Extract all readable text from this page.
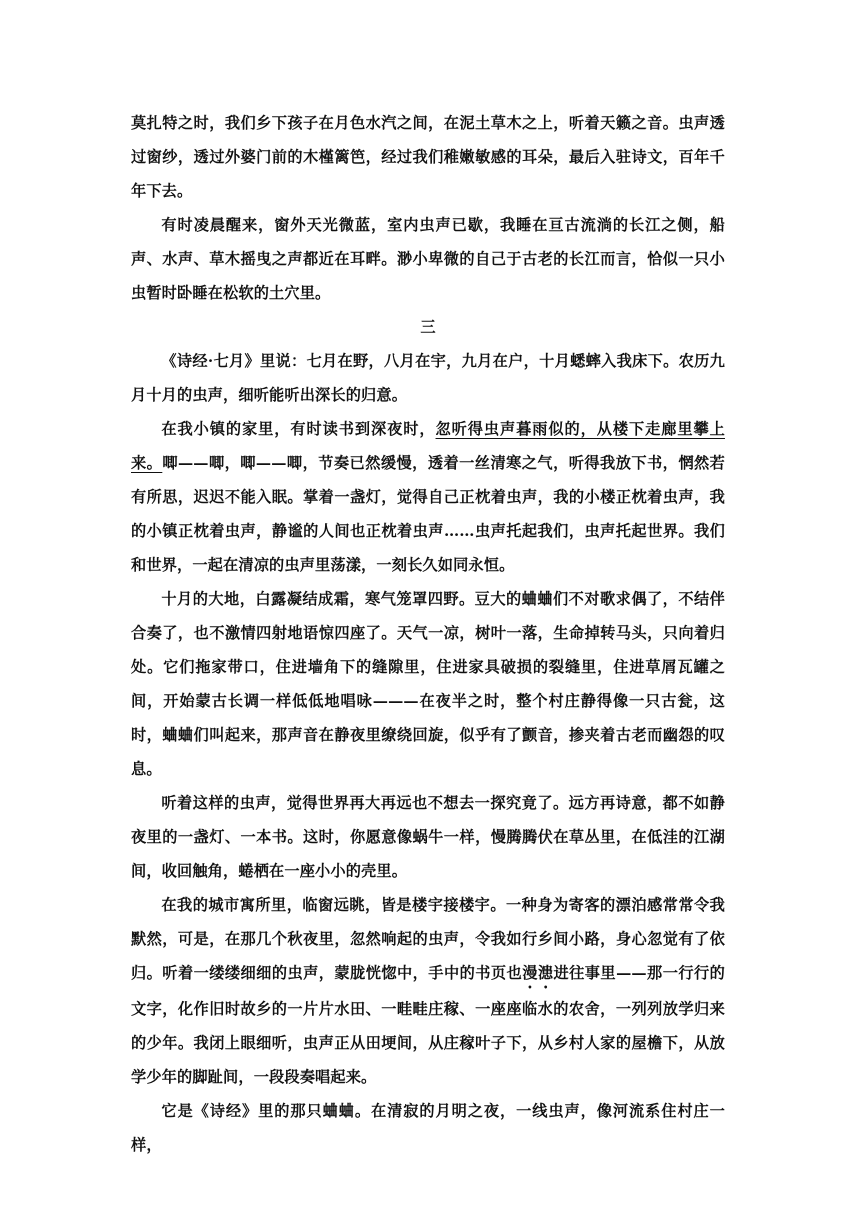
莫扎特之时，我们乡下孩子在月色水汽之间，在泥土草木之上，听着天籁之音。虫声透过窗纱，透过外婆门前的木槿篱笆，经过我们稚嫩敏感的耳朵，最后入驻诗文，百年千年下去。

有时凌晨醒来，窗外天光微蓝，室内虫声已歇，我睡在亘古流淌的长江之侧，船声、水声、草木摇曳之声都近在耳畔。渺小卑微的自己于古老的长江而言，恰似一只小虫暂时卧睡在松软的土穴里。

三

《诗经·七月》里说：七月在野，八月在宇，九月在户，十月蟋蟀入我床下。农历九月十月的虫声，细听能听出深长的归意。

在我小镇的家里，有时读书到深夜时，忽听得虫声暮雨似的，从楼下走廊里攀上来。唧——唧，唧——唧，节奏已然缓慢，透着一丝清寒之气，听得我放下书，惘然若有所思，迟迟不能入眠。掌着一盏灯，觉得自己正枕着虫声，我的小楼正枕着虫声，我的小镇正枕着虫声，静谧的人间也正枕着虫声……虫声托起我们，虫声托起世界。我们和世界，一起在清凉的虫声里荡漾，一刻长久如同永恒。

十月的大地，白露凝结成霜，寒气笼罩四野。豆大的蛐蛐们不对歌求偶了，不结伴合奏了，也不激情四射地语惊四座了。天气一凉，树叶一落，生命掉转马头，只向着归处。它们拖家带口，住进墙角下的缝隙里，住进家具破损的裂缝里，住进草屑瓦罐之间，开始蒙古长调一样低低地唱咏———在夜半之时，整个村庄静得像一只古瓮，这时，蛐蛐们叫起来，那声音在静夜里缭绕回旋，似乎有了颤音，掺夹着古老而幽怨的叹息。

听着这样的虫声，觉得世界再大再远也不想去一探究竟了。远方再诗意，都不如静夜里的一盏灯、一本书。这时，你愿意像蜗牛一样，慢腾腾伏在草丛里，在低洼的江湖间，收回触角，蜷栖在一座小小的壳里。

在我的城市寓所里，临窗远眺，皆是楼宇接楼宇。一种身为寄客的漂泊感常常令我默然，可是，在那几个秋夜里，忽然响起的虫声，令我如行乡间小路，身心忽觉有了依归。听着一缕缕细细的虫声，蒙胧恍惚中，手中的书页也漫漶进往事里——那一行行的文字，化作旧时故乡的一片片水田、一畦畦庄稼、一座座临水的农舍，一列列放学归来的少年。我闭上眼细听，虫声正从田埂间，从庄稼叶子下，从乡村人家的屋檐下，从放学少年的脚趾间，一段段奏唱起来。

它是《诗经》里的那只蛐蛐。在清寂的月明之夜，一线虫声，像河流系住村庄一样，
